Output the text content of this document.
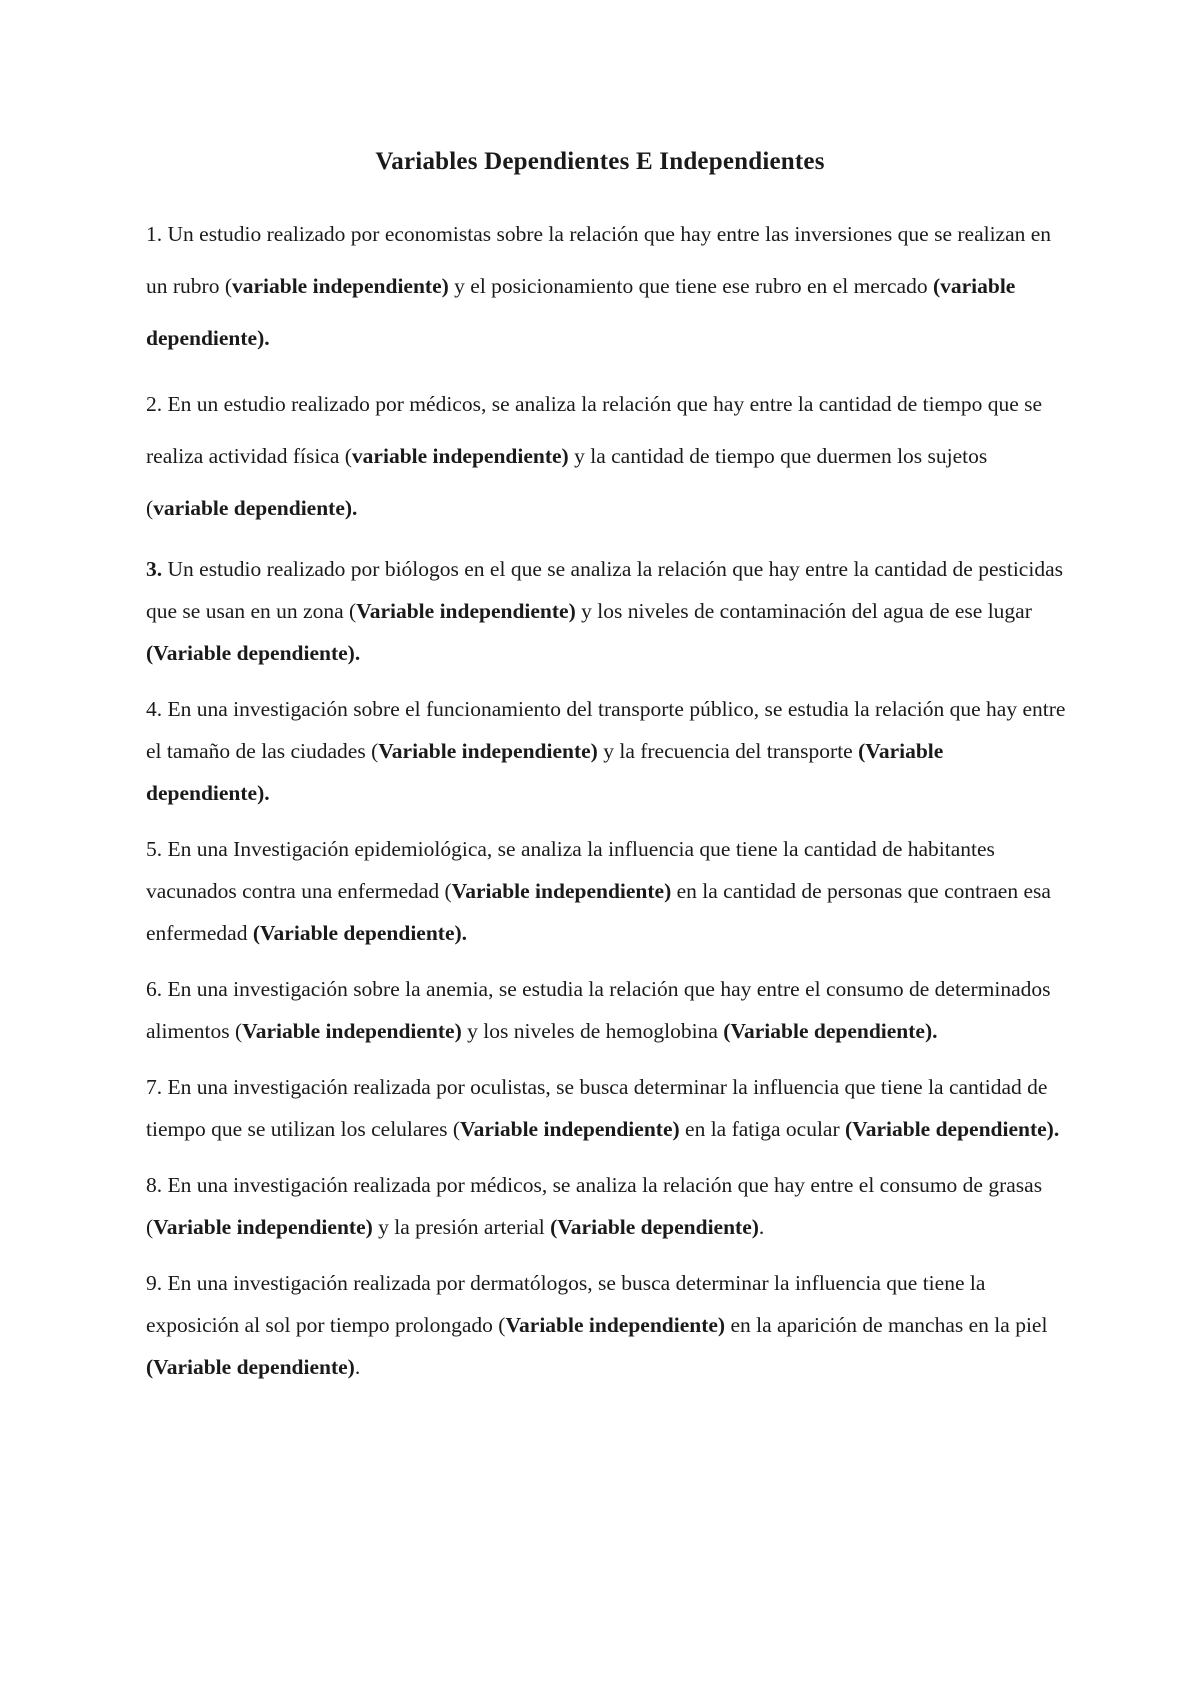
Variables Dependientes E Independientes

1. Un estudio realizado por economistas sobre la relación que hay entre las inversiones que se realizan en un rubro (variable independiente) y el posicionamiento que tiene ese rubro en el mercado (variable dependiente).

2. En un estudio realizado por médicos, se analiza la relación que hay entre la cantidad de tiempo que se realiza actividad física (variable independiente) y la cantidad de tiempo que duermen los sujetos (variable dependiente).

3. Un estudio realizado por biólogos en el que se analiza la relación que hay entre la cantidad de pesticidas que se usan en un zona (Variable independiente) y los niveles de contaminación del agua de ese lugar (Variable dependiente).

4. En una investigación sobre el funcionamiento del transporte público, se estudia la relación que hay entre el tamaño de las ciudades (Variable independiente) y la frecuencia del transporte (Variable dependiente).

5. En una Investigación epidemiológica, se analiza la influencia que tiene la cantidad de habitantes vacunados contra una enfermedad (Variable independiente) en la cantidad de personas que contraen esa enfermedad (Variable dependiente).

6. En una investigación sobre la anemia, se estudia la relación que hay entre el consumo de determinados alimentos (Variable independiente) y los niveles de hemoglobina (Variable dependiente).

7. En una investigación realizada por oculistas, se busca determinar la influencia que tiene la cantidad de tiempo que se utilizan los celulares (Variable independiente) en la fatiga ocular (Variable dependiente).

8. En una investigación realizada por médicos, se analiza la relación que hay entre el consumo de grasas (Variable independiente) y la presión arterial (Variable dependiente).

9. En una investigación realizada por dermatólogos, se busca determinar la influencia que tiene la exposición al sol por tiempo prolongado (Variable independiente) en la aparición de manchas en la piel (Variable dependiente).
